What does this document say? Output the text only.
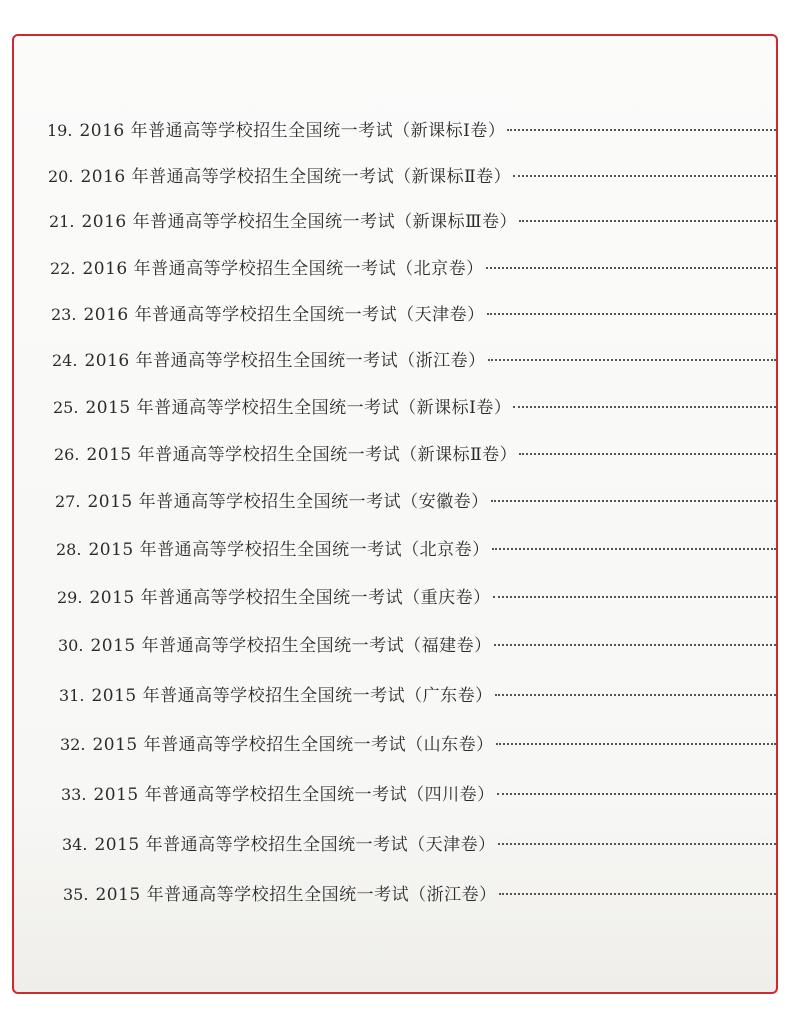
19. 2016 年普通高等学校招生全国统一考试（新课标Ⅰ卷）
20. 2016 年普通高等学校招生全国统一考试（新课标Ⅱ卷）
21. 2016 年普通高等学校招生全国统一考试（新课标Ⅲ卷）
22. 2016 年普通高等学校招生全国统一考试（北京卷）
23. 2016 年普通高等学校招生全国统一考试（天津卷）
24. 2016 年普通高等学校招生全国统一考试（浙江卷）
25. 2015 年普通高等学校招生全国统一考试（新课标Ⅰ卷）
26. 2015 年普通高等学校招生全国统一考试（新课标Ⅱ卷）
27. 2015 年普通高等学校招生全国统一考试（安徽卷）
28. 2015 年普通高等学校招生全国统一考试（北京卷）
29. 2015 年普通高等学校招生全国统一考试（重庆卷）
30. 2015 年普通高等学校招生全国统一考试（福建卷）
31. 2015 年普通高等学校招生全国统一考试（广东卷）
32. 2015 年普通高等学校招生全国统一考试（山东卷）
33. 2015 年普通高等学校招生全国统一考试（四川卷）
34. 2015 年普通高等学校招生全国统一考试（天津卷）
35. 2015 年普通高等学校招生全国统一考试（浙江卷）
